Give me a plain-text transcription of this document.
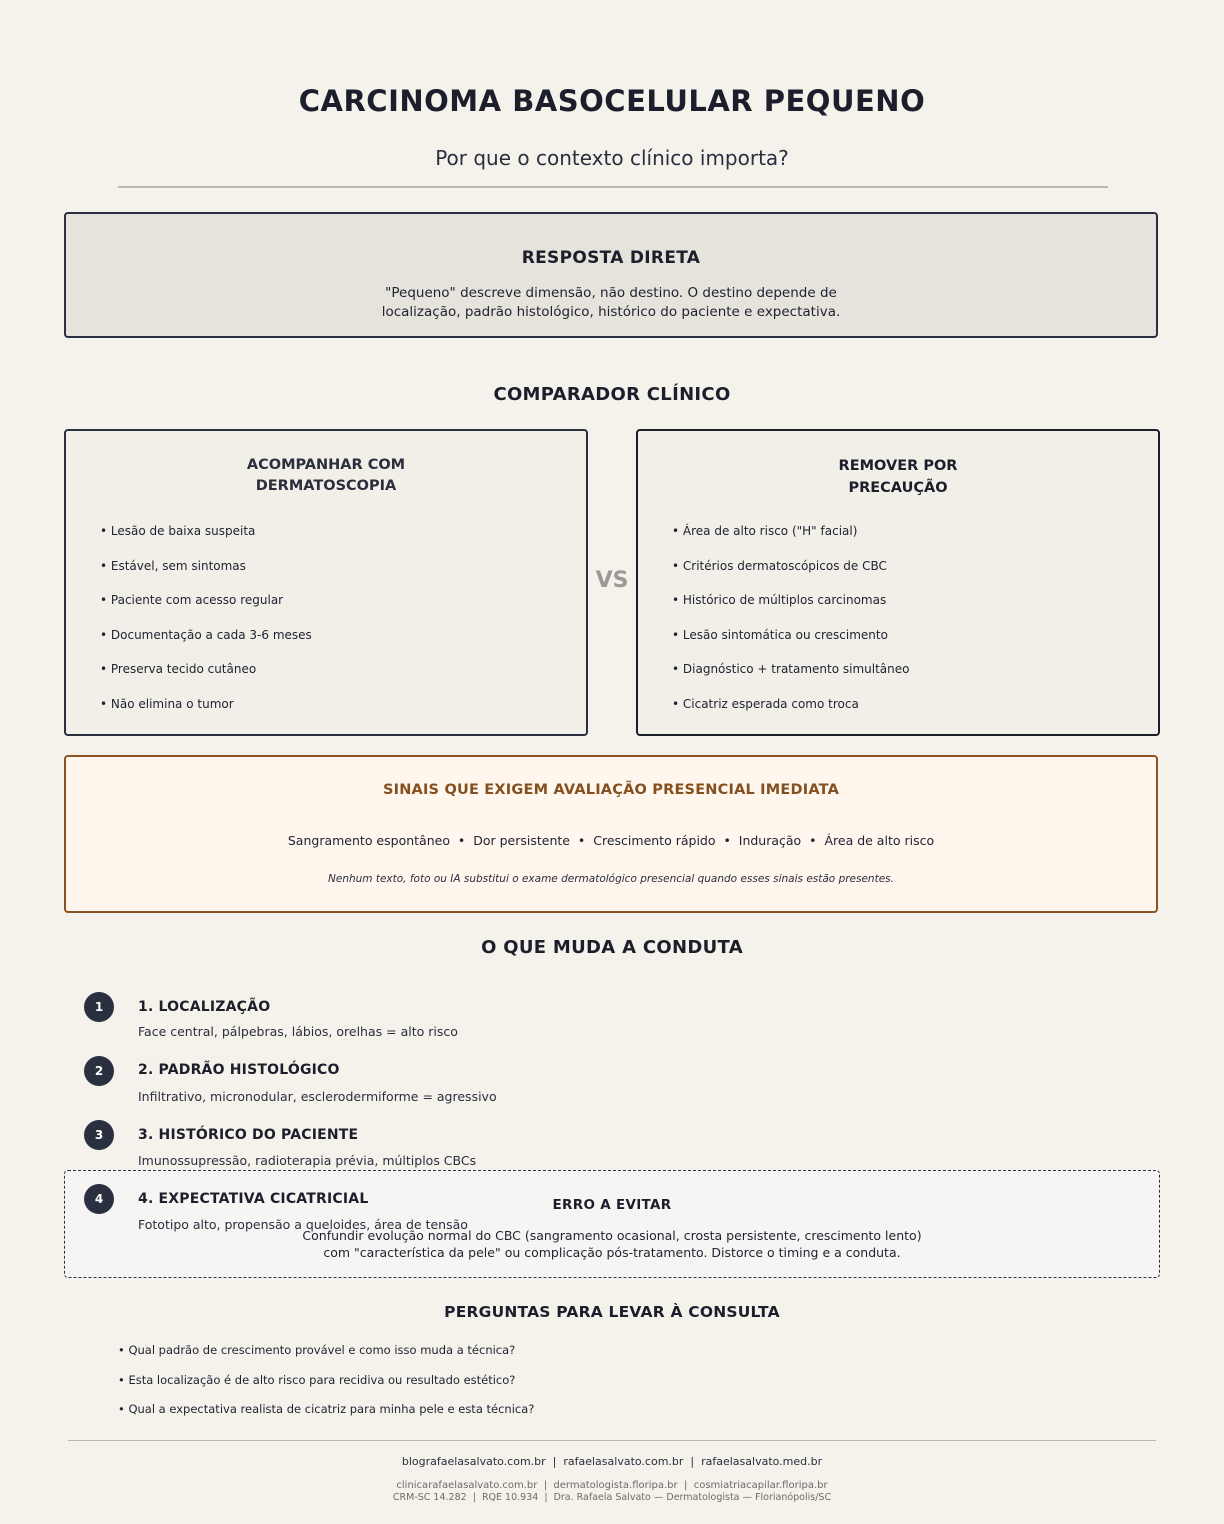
CARCINOMA BASOCELULAR PEQUENO
Por que o contexto clínico importa?
RESPOSTA DIRETA
"Pequeno" descreve dimensão, não destino. O destino depende de
localização, padrão histológico, histórico do paciente e expectativa.
COMPARADOR CLÍNICO
ACOMPANHAR COM
DERMATOSCOPIA
• Lesão de baixa suspeita
• Estável, sem sintomas
• Paciente com acesso regular
• Documentação a cada 3-6 meses
• Preserva tecido cutâneo
• Não elimina o tumor
VS
REMOVER POR
PRECAUÇÃO
• Área de alto risco ("H" facial)
• Critérios dermatoscópicos de CBC
• Histórico de múltiplos carcinomas
• Lesão sintomática ou crescimento
• Diagnóstico + tratamento simultâneo
• Cicatriz esperada como troca
SINAIS QUE EXIGEM AVALIAÇÃO PRESENCIAL IMEDIATA
Sangramento espontâneo  •  Dor persistente  •  Crescimento rápido  •  Induração  •  Área de alto risco
Nenhum texto, foto ou IA substitui o exame dermatológico presencial quando esses sinais estão presentes.
O QUE MUDA A CONDUTA
1	1. LOCALIZAÇÃO
Face central, pálpebras, lábios, orelhas = alto risco
2	2. PADRÃO HISTOLÓGICO
Infiltrativo, micronodular, esclerodermiforme = agressivo
3	3. HISTÓRICO DO PACIENTE
Imunossupressão, radioterapia prévia, múltiplos CBCs
ERRO A EVITAR
Confundir evolução normal do CBC (sangramento ocasional, crosta persistente, crescimento lento)
com "característica da pele" ou complicação pós-tratamento. Distorce o timing e a conduta.
4	4. EXPECTATIVA CICATRICIAL
Fototipo alto, propensão a queloides, área de tensão
PERGUNTAS PARA LEVAR À CONSULTA
• Qual padrão de crescimento provável e como isso muda a técnica?
• Esta localização é de alto risco para recidiva ou resultado estético?
• Qual a expectativa realista de cicatriz para minha pele e esta técnica?
blografaelasalvato.com.br  |  rafaelasalvato.com.br  |  rafaelasalvato.med.br
clinicarafaelasalvato.com.br  |  dermatologista.floripa.br  |  cosmiatriacapilar.floripa.br
CRM-SC 14.282  |  RQE 10.934  |  Dra. Rafaela Salvato — Dermatologista — Florianópolis/SC
